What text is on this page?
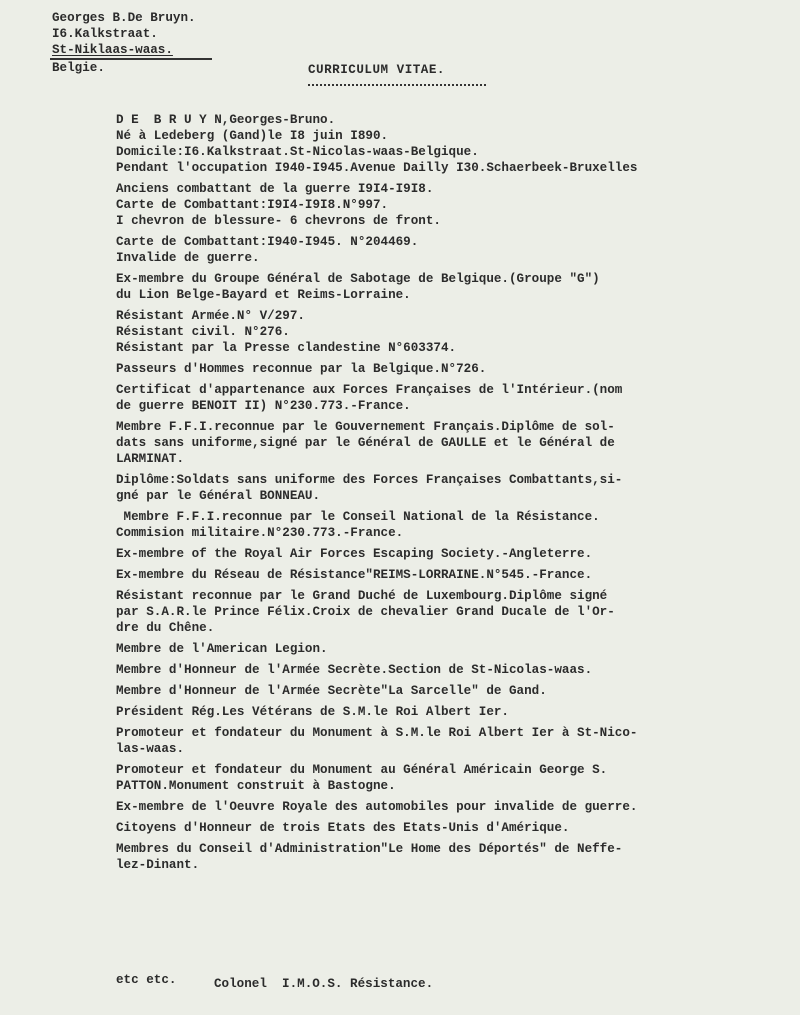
Georges B.De Bruyn.
I6.Kalkstraat.
St-Niklaas-waas.
Belgie.	CURRICULUM VITAE.
D E  B R U Y N,Georges-Bruno.
Né à Ledeberg (Gand)le I8 juin I890.
Domicile:I6.Kalkstraat.St-Nicolas-waas-Belgique.
Pendant l'occupation I940-I945.Avenue Dailly I30.Schaerbeek-Bruxelles
Anciens combattant de la guerre I9I4-I9I8.
Carte de Combattant:I9I4-I9I8.N°997.
I chevron de blessure- 6 chevrons de front.
Carte de Combattant:I940-I945. N°204469.
Invalide de guerre.
Ex-membre du Groupe Général de Sabotage de Belgique.(Groupe "G")
du Lion Belge-Bayard et Reims-Lorraine.
Résistant Armée.N° V/297.
Résistant civil. N°276.
Résistant par la Presse clandestine N°603374.
Passeurs d'Hommes reconnue par la Belgique.N°726.
Certificat d'appartenance aux Forces Françaises de l'Intérieur.(nom
de guerre BENOIT II) N°230.773.-France.
Membre F.F.I.reconnue par le Gouvernement Français.Diplôme de sol-
dats sans uniforme,signé par le Général de GAULLE et le Général de
LARMINAT.
Diplôme:Soldats sans uniforme des Forces Françaises Combattants,si-
gné par le Général BONNEAU.
Membre F.F.I.reconnue par le Conseil National de la Résistance.
Commision militaire.N°230.773.-France.
Ex-membre of the Royal Air Forces Escaping Society.-Angleterre.
Ex-membre du Réseau de Résistance"REIMS-LORRAINE.N°545.-France.
Résistant reconnue par le Grand Duché de Luxembourg.Diplôme signé
par S.A.R.le Prince Félix.Croix de chevalier Grand Ducale de l'Or-
dre du Chêne.
Membre de l'American Legion.
Membre d'Honneur de l'Armée Secrète.Section de St-Nicolas-waas.
Membre d'Honneur de l'Armée Secrète"La Sarcelle" de Gand.
Président Rég.Les Vétérans de S.M.le Roi Albert Ier.
Promoteur et fondateur du Monument à S.M.le Roi Albert Ier à St-Nico-
las-waas.
Promoteur et fondateur du Monument au Général Américain George S.
PATTON.Monument construit à Bastogne.
Ex-membre de l'Oeuvre Royale des automobiles pour invalide de guerre.
Citoyens d'Honneur de trois Etats des Etats-Unis d'Amérique.
Membres du Conseil d'Administration"Le Home des Déportés" de Neffe-
lez-Dinant.
etc etc.	Colonel  I.M.O.S. Résistance.
